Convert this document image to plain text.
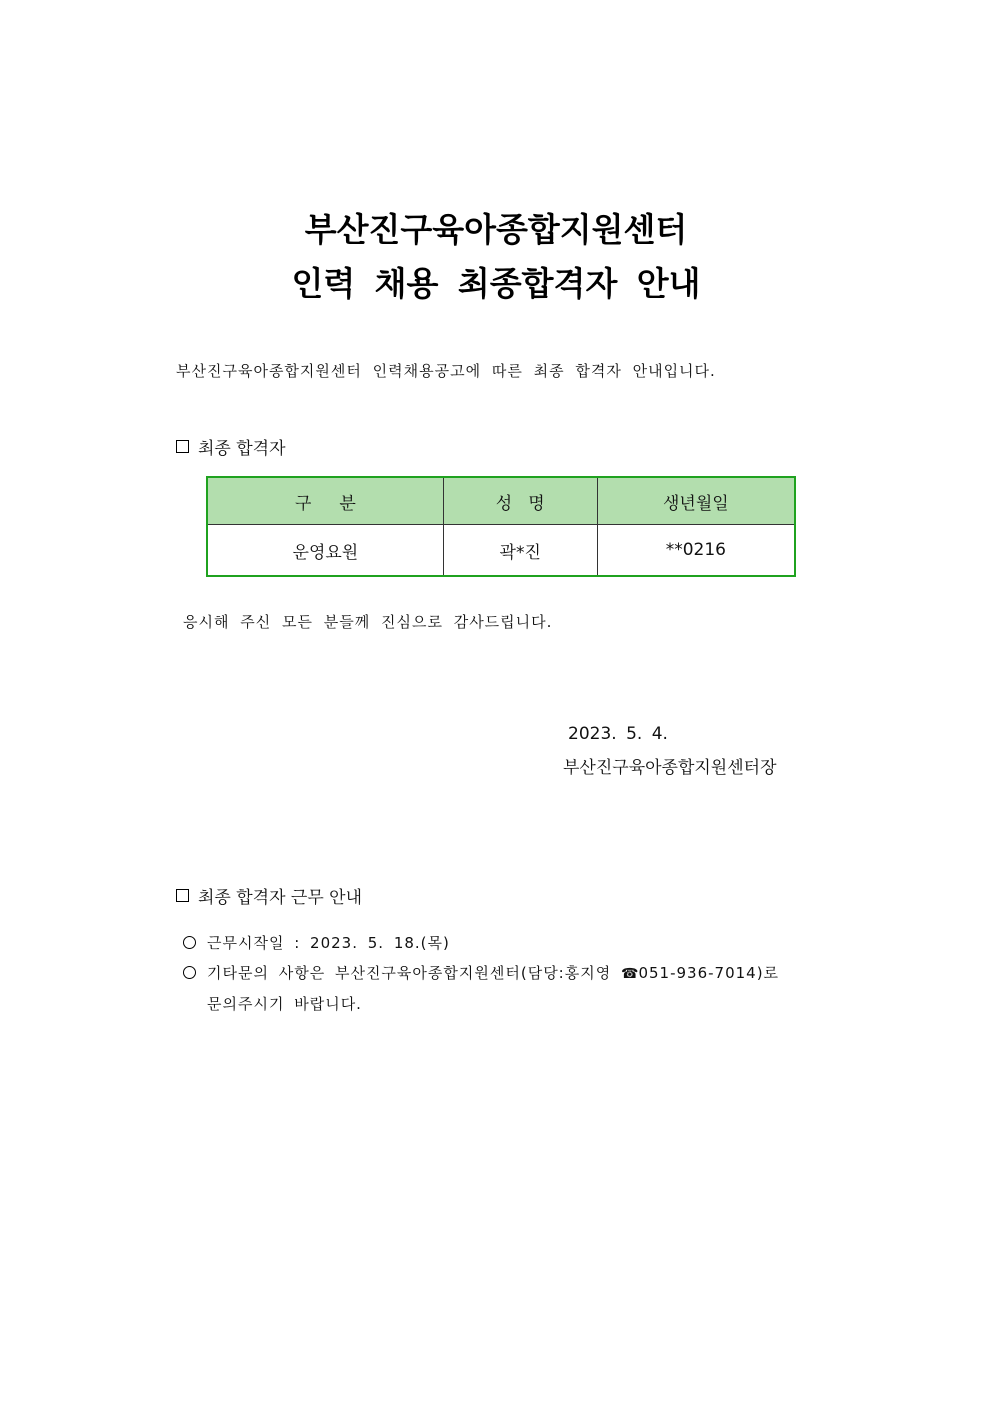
부산진구육아종합지원센터
인력 채용 최종합격자 안내
부산진구육아종합지원센터 인력채용공고에 따른 최종 합격자 안내입니다.
최종 합격자
구분	성명	생년월일
운영요원	곽*진	**0216
응시해 주신 모든 분들께 진심으로 감사드립니다.
2023. 5. 4.
부산진구육아종합지원센터장
최종 합격자 근무 안내
근무시작일 : 2023. 5. 18.(목)
기타문의 사항은 부산진구육아종합지원센터(담당:홍지영 ☎051-936-7014)로
문의주시기 바랍니다.
